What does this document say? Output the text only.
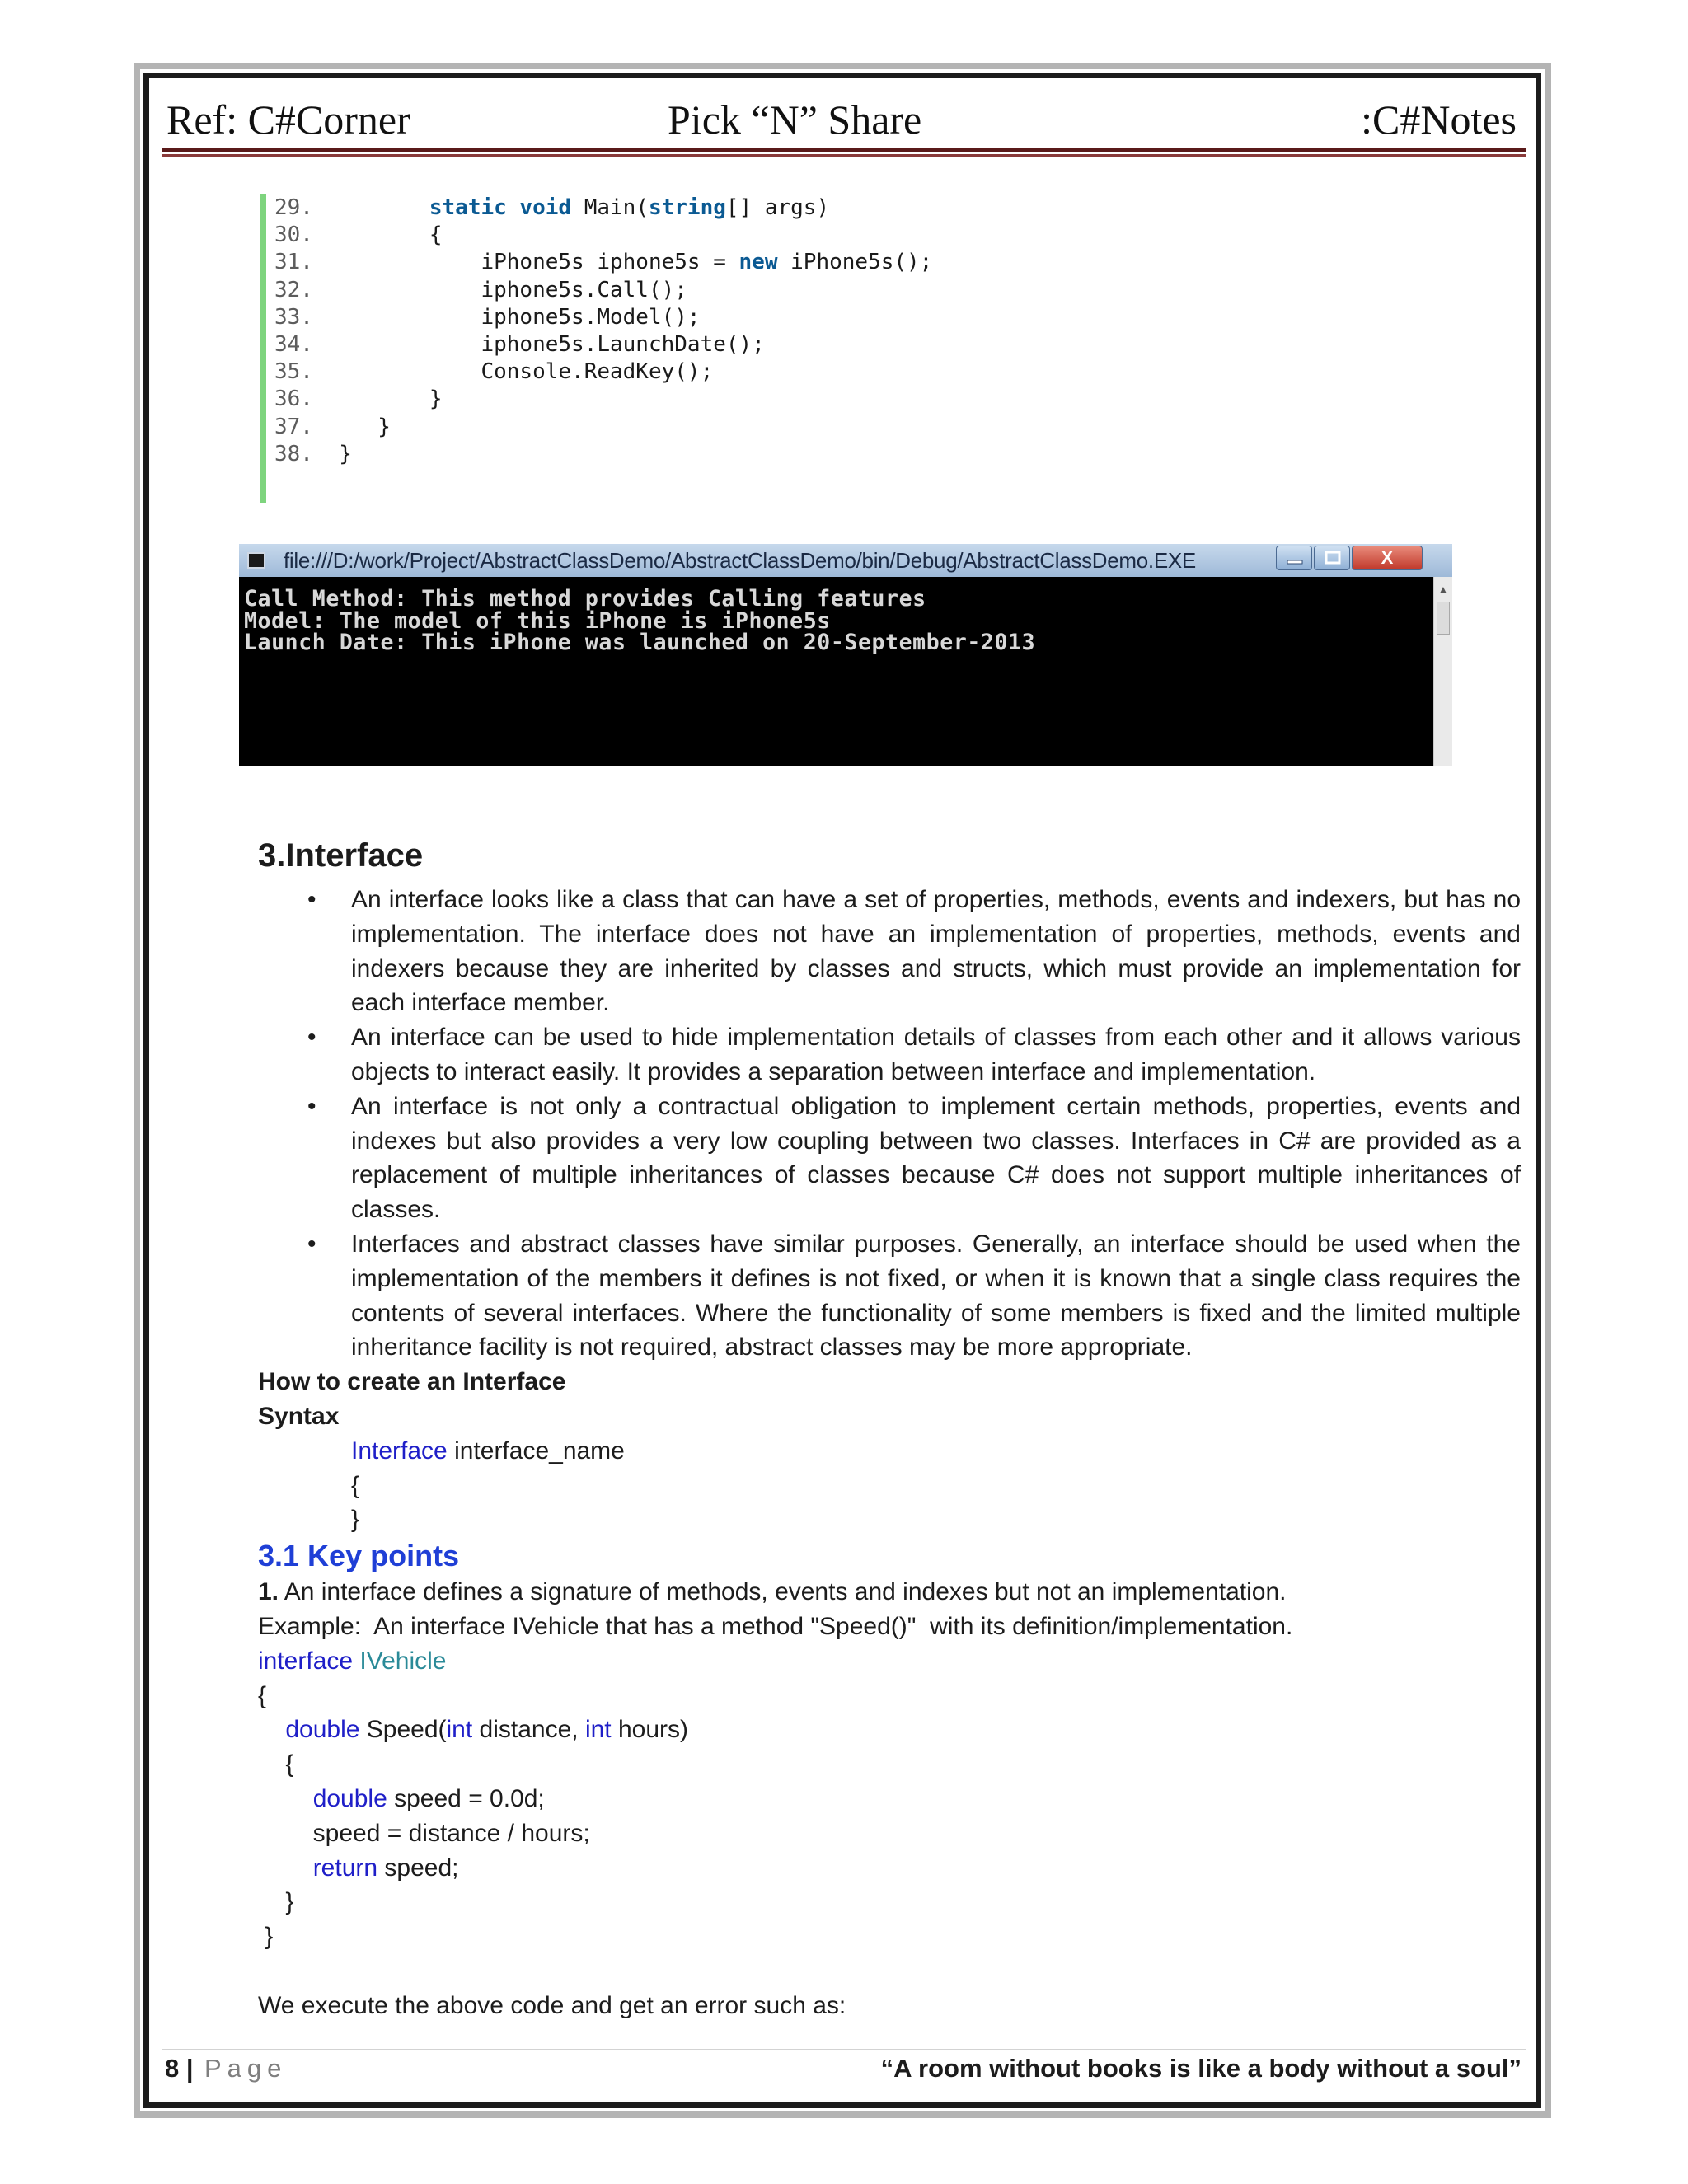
Ref: C#Corner	Pick “N” Share	:C#Notes
29.	static void Main(string[] args)
30.         {
31.             iPhone5s iphone5s = new iPhone5s();
32.             iphone5s.Call();
33.             iphone5s.Model();
34.             iphone5s.LaunchDate();
35.             Console.ReadKey();
36.         }
37.     }
38.  }
file:///D:/work/Project/AbstractClassDemo/AbstractClassDemo/bin/Debug/AbstractClassDemo.EXE	X
Call Method: This method provides Calling features
Model: The model of this iPhone is iPhone5s
Launch Date: This iPhone was launched on 20-September-2013
▲
3.Interface
• An interface looks like a class that can have a set of properties, methods, events and indexers, but has no implementation. The interface does not have an implementation of properties, methods, events and indexers because they are inherited by classes and structs, which must provide an implementation for each interface member.
• An interface can be used to hide implementation details of classes from each other and it allows various objects to interact easily. It provides a separation between interface and implementation.
• An interface is not only a contractual obligation to implement certain methods, properties, events and indexes but also provides a very low coupling between two classes. Interfaces in C# are provided as a replacement of multiple inheritances of classes because C# does not support multiple inheritances of classes.
• Interfaces and abstract classes have similar purposes. Generally, an interface should be used when the implementation of the members it defines is not fixed, or when it is known that a single class requires the contents of several interfaces. Where the functionality of some members is fixed and the limited multiple inheritance facility is not required, abstract classes may be more appropriate.

How to create an Interface

Syntax

Interface interface_name

{

}

3.1 Key points

1. An interface defines a signature of methods, events and indexes but not an implementation.

Example:  An interface IVehicle that has a method "Speed()"  with its definition/implementation.

interface IVehicle

{

double Speed(int distance, int hours)

{

double speed = 0.0d;

speed = distance / hours;

return speed;

}

}

We execute the above code and get an error such as:

8 | Page	“A room without books is like a body without a soul”
